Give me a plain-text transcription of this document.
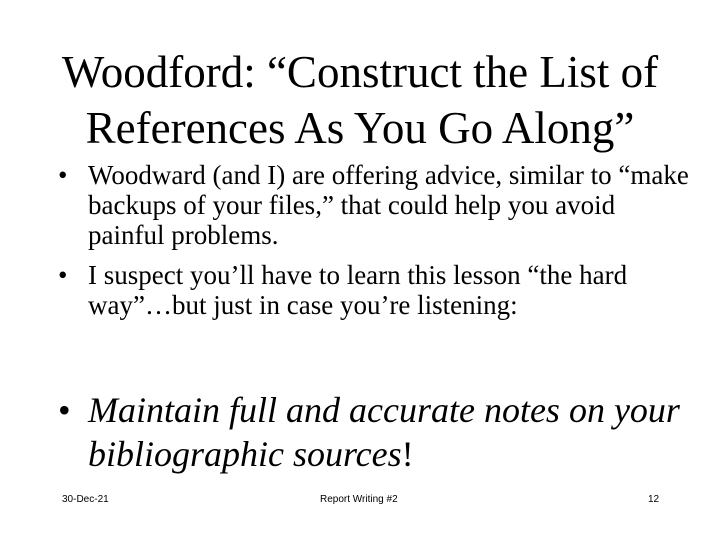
Woodford: “Construct the List of References As You Go Along”
• Woodward (and I) are offering advice, similar to “make backups of your files,” that could help you avoid painful problems.
• I suspect you’ll have to learn this lesson “the hard way”…but just in case you’re listening:
• Maintain full and accurate notes on your bibliographic sources!
30-Dec-21	Report Writing #2	12
